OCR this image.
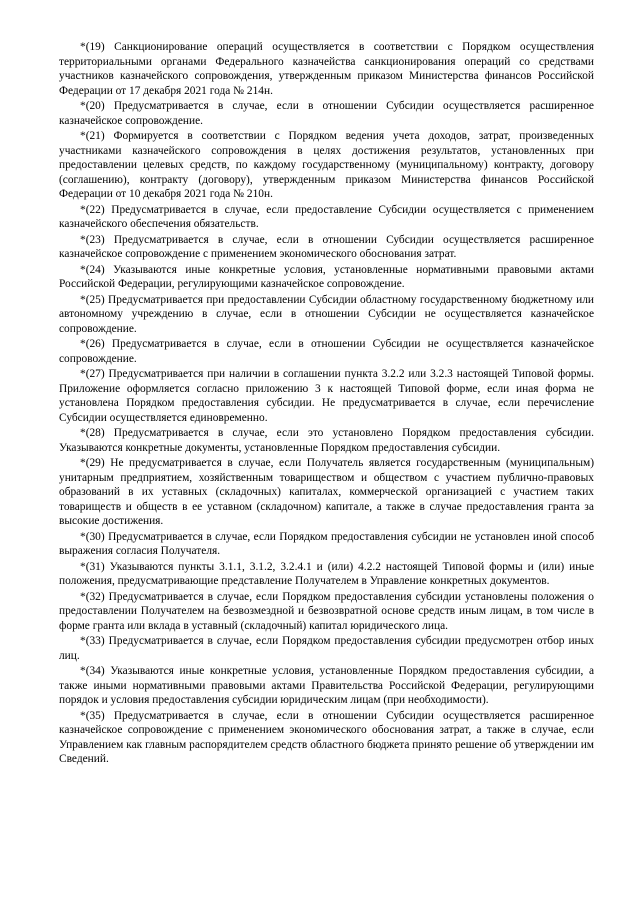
*(19) Санкционирование операций осуществляется в соответствии с Порядком осуществления территориальными органами Федерального казначейства санкционирования операций со средствами участников казначейского сопровождения, утвержденным приказом Министерства финансов Российской Федерации от 17 декабря 2021 года № 214н.

*(20) Предусматривается в случае, если в отношении Субсидии осуществляется расширенное казначейское сопровождение.

*(21) Формируется в соответствии с Порядком ведения учета доходов, затрат, произведенных участниками казначейского сопровождения в целях достижения результатов, установленных при предоставлении целевых средств, по каждому государственному (муниципальному) контракту, договору (соглашению), контракту (договору), утвержденным приказом Министерства финансов Российской Федерации от 10 декабря 2021 года № 210н.

*(22) Предусматривается в случае, если предоставление Субсидии осуществляется с применением казначейского обеспечения обязательств.

*(23) Предусматривается в случае, если в отношении Субсидии осуществляется расширенное казначейское сопровождение с применением экономического обоснования затрат.

*(24) Указываются иные конкретные условия, установленные нормативными правовыми актами Российской Федерации, регулирующими казначейское сопровождение.

*(25) Предусматривается при предоставлении Субсидии областному государственному бюджетному или автономному учреждению в случае, если в отношении Субсидии не осуществляется казначейское сопровождение.

*(26) Предусматривается в случае, если в отношении Субсидии не осуществляется казначейское сопровождение.

*(27) Предусматривается при наличии в соглашении пункта 3.2.2 или 3.2.3 настоящей Типовой формы. Приложение оформляется согласно приложению 3 к настоящей Типовой форме, если иная форма не установлена Порядком предоставления субсидии. Не предусматривается в случае, если перечисление Субсидии осуществляется единовременно.

*(28) Предусматривается в случае, если это установлено Порядком предоставления субсидии. Указываются конкретные документы, установленные Порядком предоставления субсидии.

*(29) Не предусматривается в случае, если Получатель является государственным (муниципальным) унитарным предприятием, хозяйственным товариществом и обществом с участием публично-правовых образований в их уставных (складочных) капиталах, коммерческой организацией с участием таких товариществ и обществ в ее уставном (складочном) капитале, а также в случае предоставления гранта за высокие достижения.

*(30) Предусматривается в случае, если Порядком предоставления субсидии не установлен иной способ выражения согласия Получателя.

*(31) Указываются пункты 3.1.1, 3.1.2, 3.2.4.1 и (или) 4.2.2 настоящей Типовой формы и (или) иные положения, предусматривающие представление Получателем в Управление конкретных документов.

*(32) Предусматривается в случае, если Порядком предоставления субсидии установлены положения о предоставлении Получателем на безвозмездной и безвозвратной основе средств иным лицам, в том числе в форме гранта или вклада в уставный (складочный) капитал юридического лица.

*(33) Предусматривается в случае, если Порядком предоставления субсидии предусмотрен отбор иных лиц.

*(34) Указываются иные конкретные условия, установленные Порядком предоставления субсидии, а также иными нормативными правовыми актами Правительства Российской Федерации, регулирующими порядок и условия предоставления субсидии юридическим лицам (при необходимости).

*(35) Предусматривается в случае, если в отношении Субсидии осуществляется расширенное казначейское сопровождение с применением экономического обоснования затрат, а также в случае, если Управлением как главным распорядителем средств областного бюджета принято решение об утверждении им Сведений.
